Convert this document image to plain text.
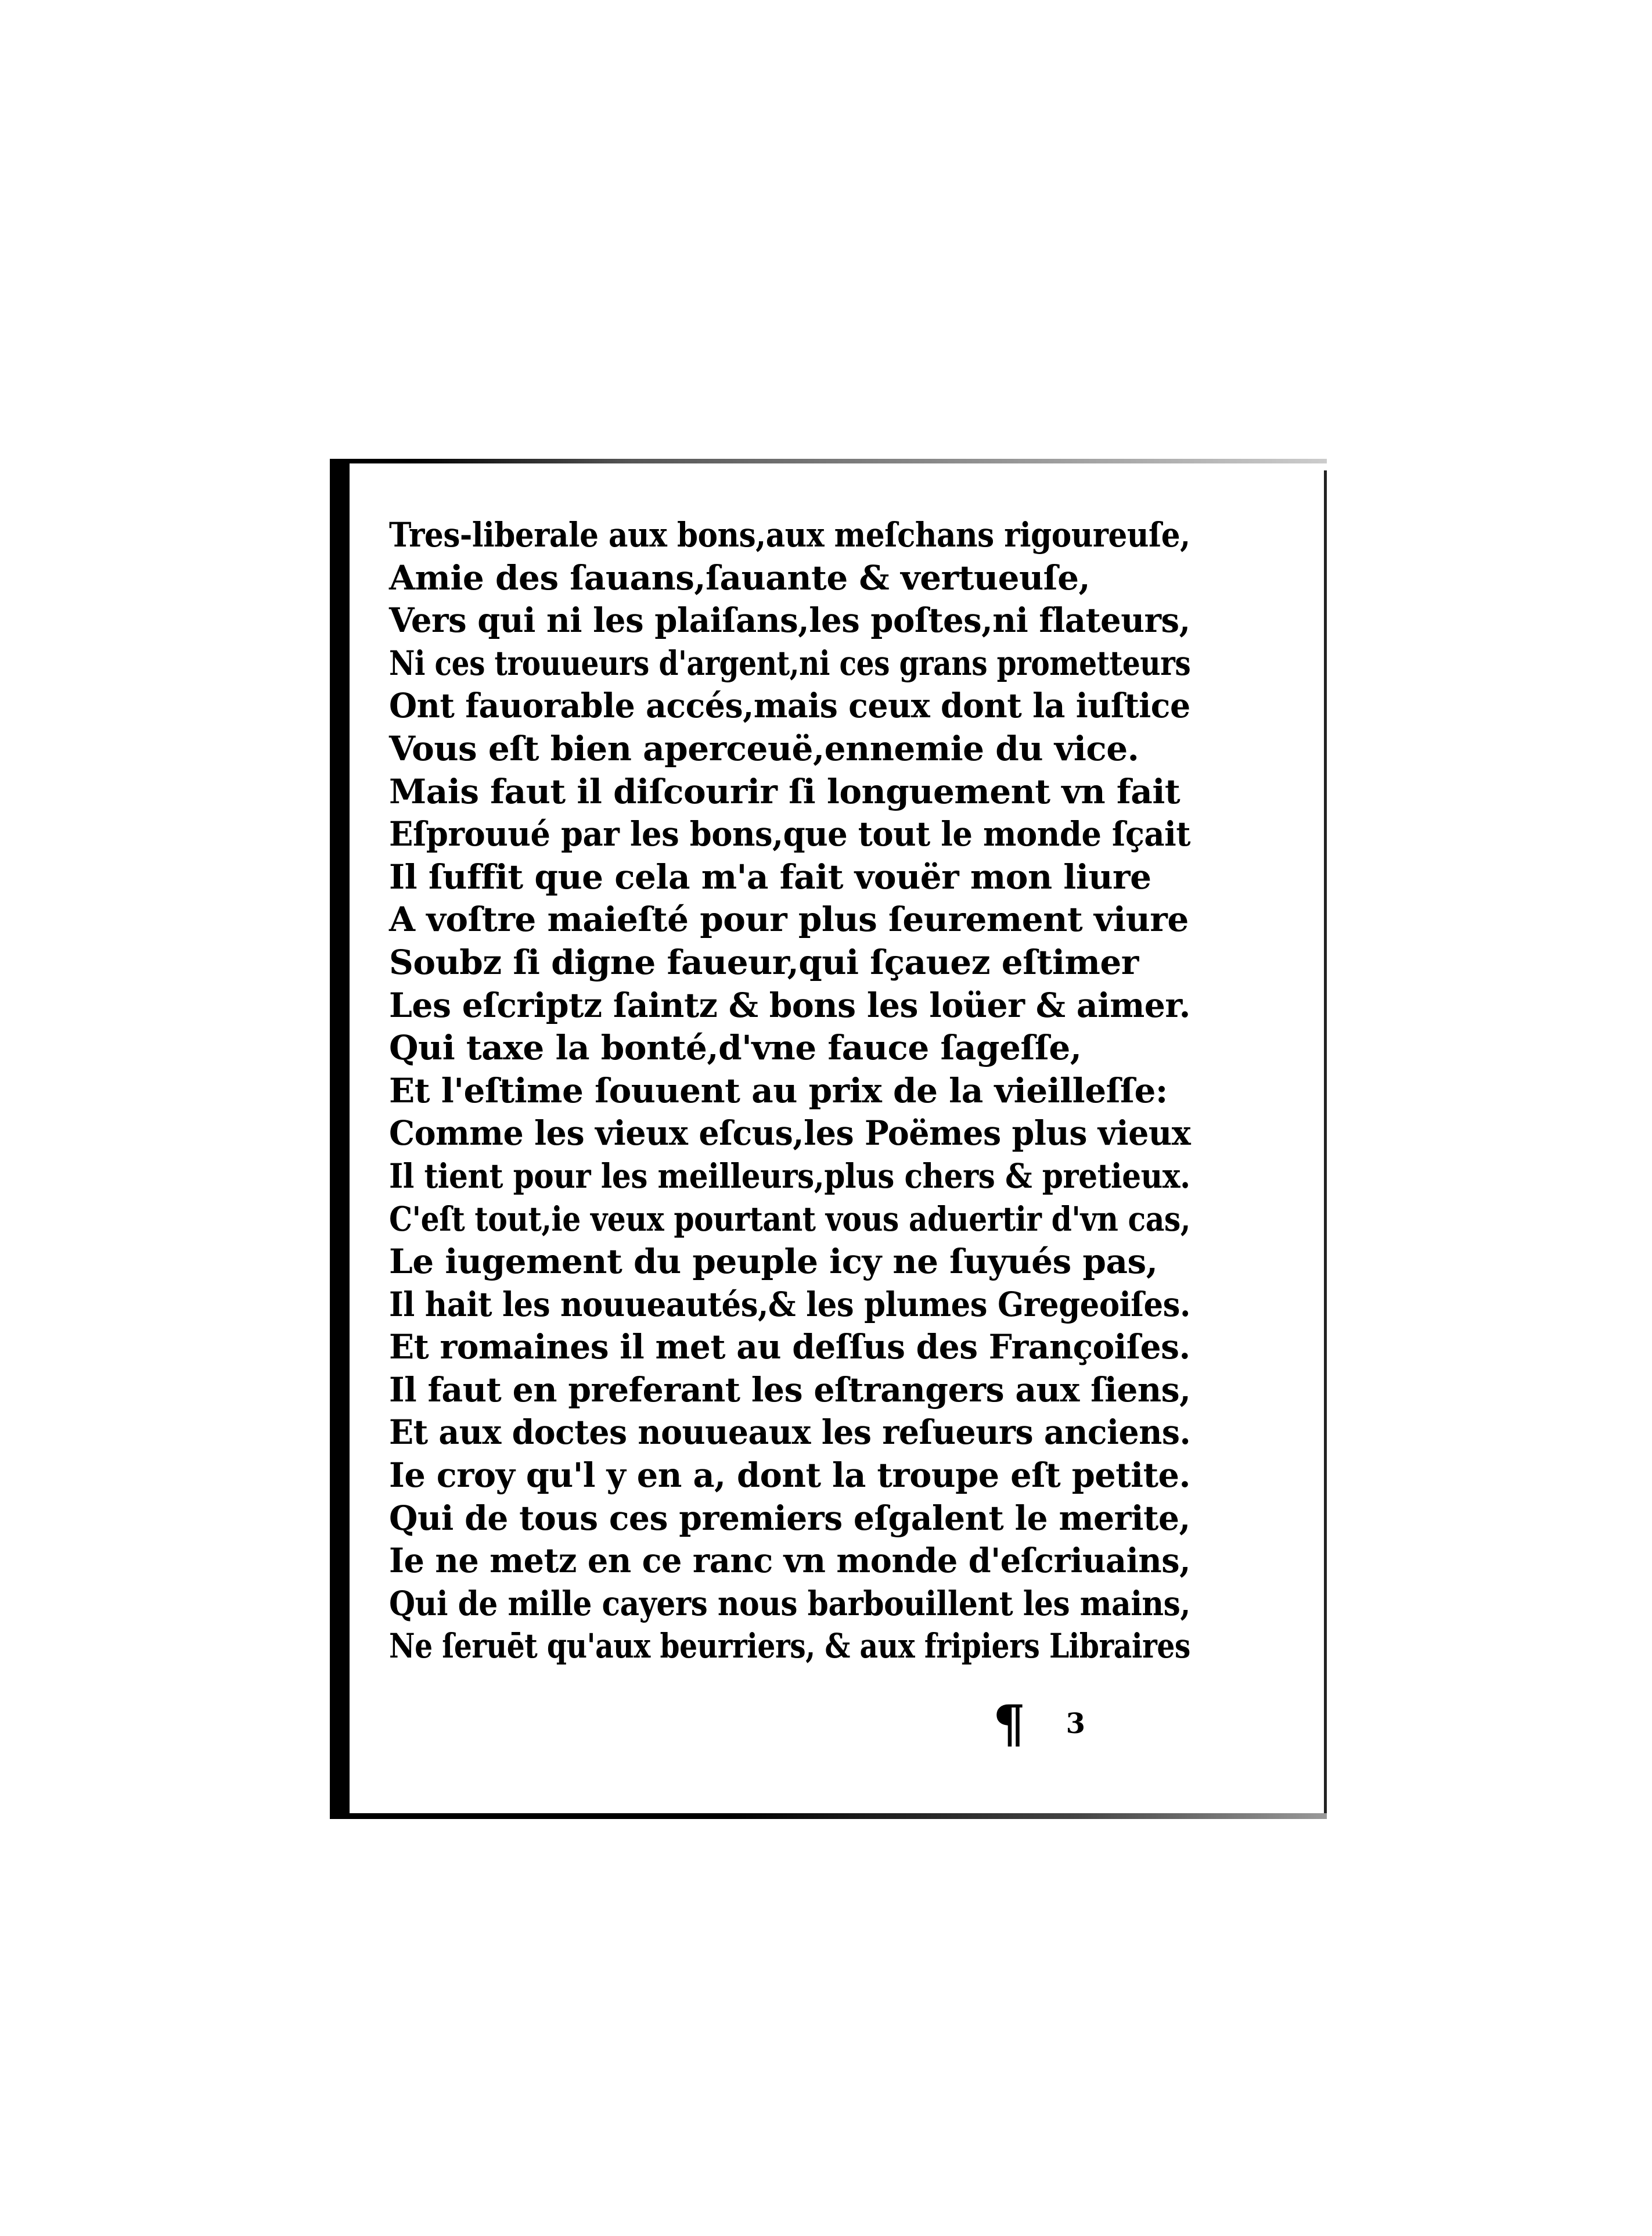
Tres-liberale aux bons,aux meſchans rigoureuſe,
Amie des ſauans,ſauante & vertueuſe,
Vers qui ni les plaiſans,les poſtes,ni flateurs,
Ni ces trouueurs d'argent,ni ces grans prometteurs
Ont fauorable accés,mais ceux dont la iuſtice
Vous eſt bien aperceuë,ennemie du vice.
Mais faut il diſcourir ſi longuement vn fait
Eſprouué par les bons,que tout le monde ſçait
Il ſuffit que cela m'a fait vouër mon liure
A voſtre maieſté pour plus ſeurement viure
Soubz ſi digne faueur,qui ſçauez eſtimer
Les eſcriptz ſaintz & bons les loüer & aimer.
Qui taxe la bonté,d'vne fauce ſageſſe,
Et l'eſtime ſouuent au prix de la vieilleſſe:
Comme les vieux eſcus,les Poëmes plus vieux
Il tient pour les meilleurs,plus chers & pretieux.
C'eſt tout,ie veux pourtant vous aduertir d'vn cas,
Le iugement du peuple icy ne ſuyués pas,
Il hait les nouueautés,& les plumes Gregeoiſes.
Et romaines il met au deſſus des Françoiſes.
Il faut en preferant les eſtrangers aux ſiens,
Et aux doctes nouueaux les reſueurs anciens.
Ie croy qu'l y en a, dont la troupe eſt petite.
Qui de tous ces premiers eſgalent le merite,
Ie ne metz en ce ranc vn monde d'eſcriuains,
Qui de mille cayers nous barbouillent les mains,
Ne ſeruēt qu'aux beurriers, & aux fripiers Libraires
¶ 3
